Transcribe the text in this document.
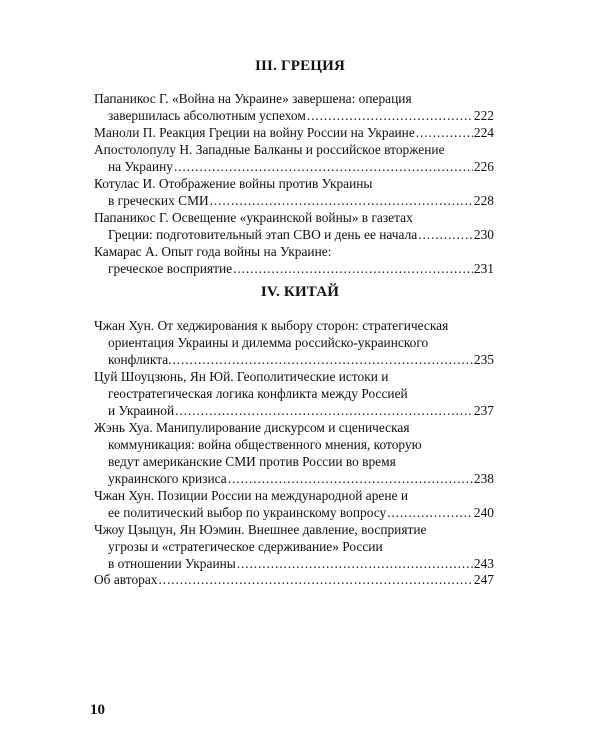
III. ГРЕЦИЯ
Папаникос Г. «Война на Украине» завершена: операция
завершилась абсолютным успехом .....	222
Маноли П. Реакция Греции на войну России на Украине .....	224
Апостолопулу Н. Западные Балканы и российское вторжение
на Украину .....	226
Котулас И. Отображение войны против Украины
в греческих СМИ .....	228
Папаникос Г. Освещение «украинской войны» в газетах
Греции: подготовительный этап СВО и день ее начала .....	230
Камарас А. Опыт года войны на Украине:
греческое восприятие .....	231
IV. КИТАЙ
Чжан Хун. От хеджирования к выбору сторон: стратегическая
ориентация Украины и дилемма российско-украинского
конфликта. .....	235
Цуй Шоуцзюнь, Ян Юй. Геополитические истоки и
геостратегическая логика конфликта между Россией
и Украиной .....	237
Жэнь Хуа. Манипулирование дискурсом и сценическая
коммуникация: война общественного мнения, которую
ведут американские СМИ против России во время
украинского кризиса .....	238
Чжан Хун. Позиции России на международной арене и
ее политический выбор по украинскому вопросу .....	240
Чжоу Цзыцун, Ян Юэмин. Внешнее давление, восприятие
угрозы и «стратегическое сдерживание» России
в отношении Украины .....	243
Об авторах .....	247
10
